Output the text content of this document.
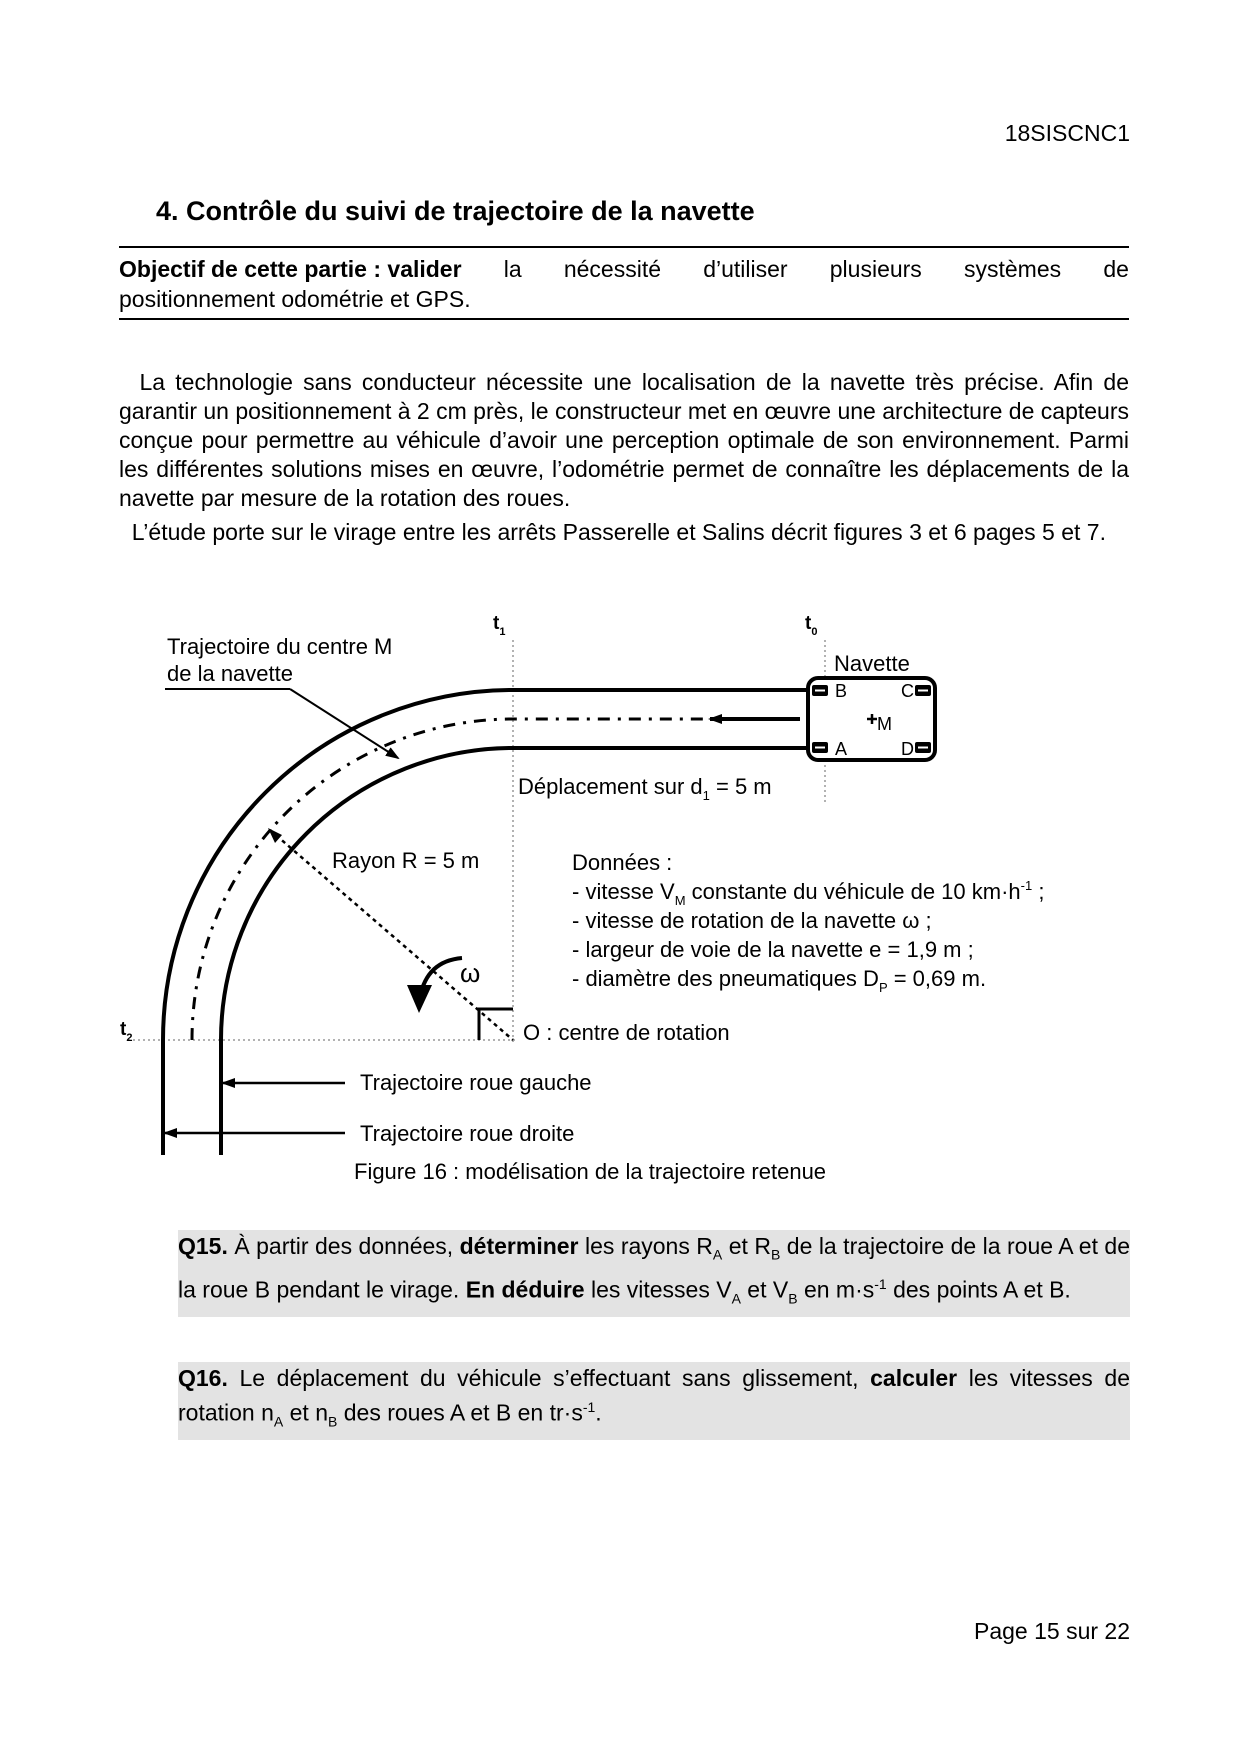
18SISCNC1
4. Contrôle du suivi de trajectoire de la navette
Objectif de cette partie : valider la nécessité d’utiliser plusieurs systèmes de
positionnement odométrie et GPS.
La technologie sans conducteur nécessite une localisation de la navette très précise. Afin de garantir un positionnement à 2 cm près, le constructeur met en œuvre une architecture de capteurs conçue pour permettre au véhicule d’avoir une perception optimale de son environnement. Parmi les différentes solutions mises en œuvre, l’odométrie permet de connaître les déplacements de la navette par mesure de la rotation des roues.
L’étude porte sur le virage entre les arrêts Passerelle et Salins décrit figures 3 et 6 pages 5 et 7.
$t_1$	$t_0$
$t_2$
Trajectoire du centre M
de la navette	Navette
B	C
A	D
M
Déplacement sur $d_1 = 5$ m
Rayon R = 5 m
ω
O : centre de rotation
Trajectoire roue gauche
Trajectoire roue droite
Données :
- vitesse $V_M$ constante du véhicule de 10 $km\cdot h^{-1}$ ;
- vitesse de rotation de la navette ω ;
- largeur de voie de la navette e = 1,9 m ;
- diamètre des pneumatiques $D_P = 0,69$ m.
Figure 16 : modélisation de la trajectoire retenue
Q15. À partir des données, déterminer les rayons $R_A$ et $R_B$ de la trajectoire de la roue A et de la roue B pendant le virage. En déduire les vitesses $V_A$ et $V_B$ en $m\cdot s^{-1}$ des points A et B.
Q16. Le déplacement du véhicule s’effectuant sans glissement, calculer les vitesses de rotation $n_A$ et $n_B$ des roues A et B en $tr\cdot s^{-1}$.
Page 15 sur 22
